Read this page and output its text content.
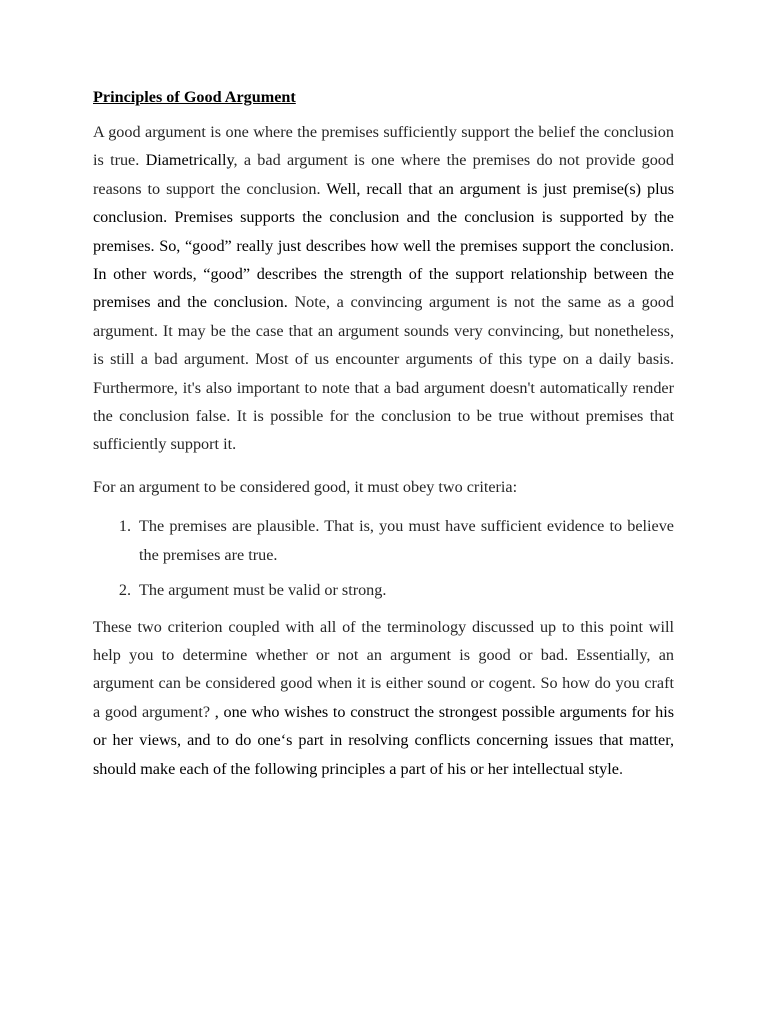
Principles of Good Argument

A good argument is one where the premises sufficiently support the belief the conclusion is true. Diametrically, a bad argument is one where the premises do not provide good reasons to support the conclusion. Well, recall that an argument is just premise(s) plus conclusion. Premises supports the conclusion and the conclusion is supported by the premises. So, “good” really just describes how well the premises support the conclusion. In other words, “good” describes the strength of the support relationship between the premises and the conclusion. Note, a convincing argument is not the same as a good argument. It may be the case that an argument sounds very convincing, but nonetheless, is still a bad argument. Most of us encounter arguments of this type on a daily basis. Furthermore, it's also important to note that a bad argument doesn't automatically render the conclusion false. It is possible for the conclusion to be true without premises that sufficiently support it.

For an argument to be considered good, it must obey two criteria:

1. The premises are plausible. That is, you must have sufficient evidence to believe the premises are true.
2. The argument must be valid or strong.

These two criterion coupled with all of the terminology discussed up to this point will help you to determine whether or not an argument is good or bad. Essentially, an argument can be considered good when it is either sound or cogent. So how do you craft a good argument? , one who wishes to construct the strongest possible arguments for his or her views, and to do one‘s part in resolving conflicts concerning issues that matter, should make each of the following principles a part of his or her intellectual style.
